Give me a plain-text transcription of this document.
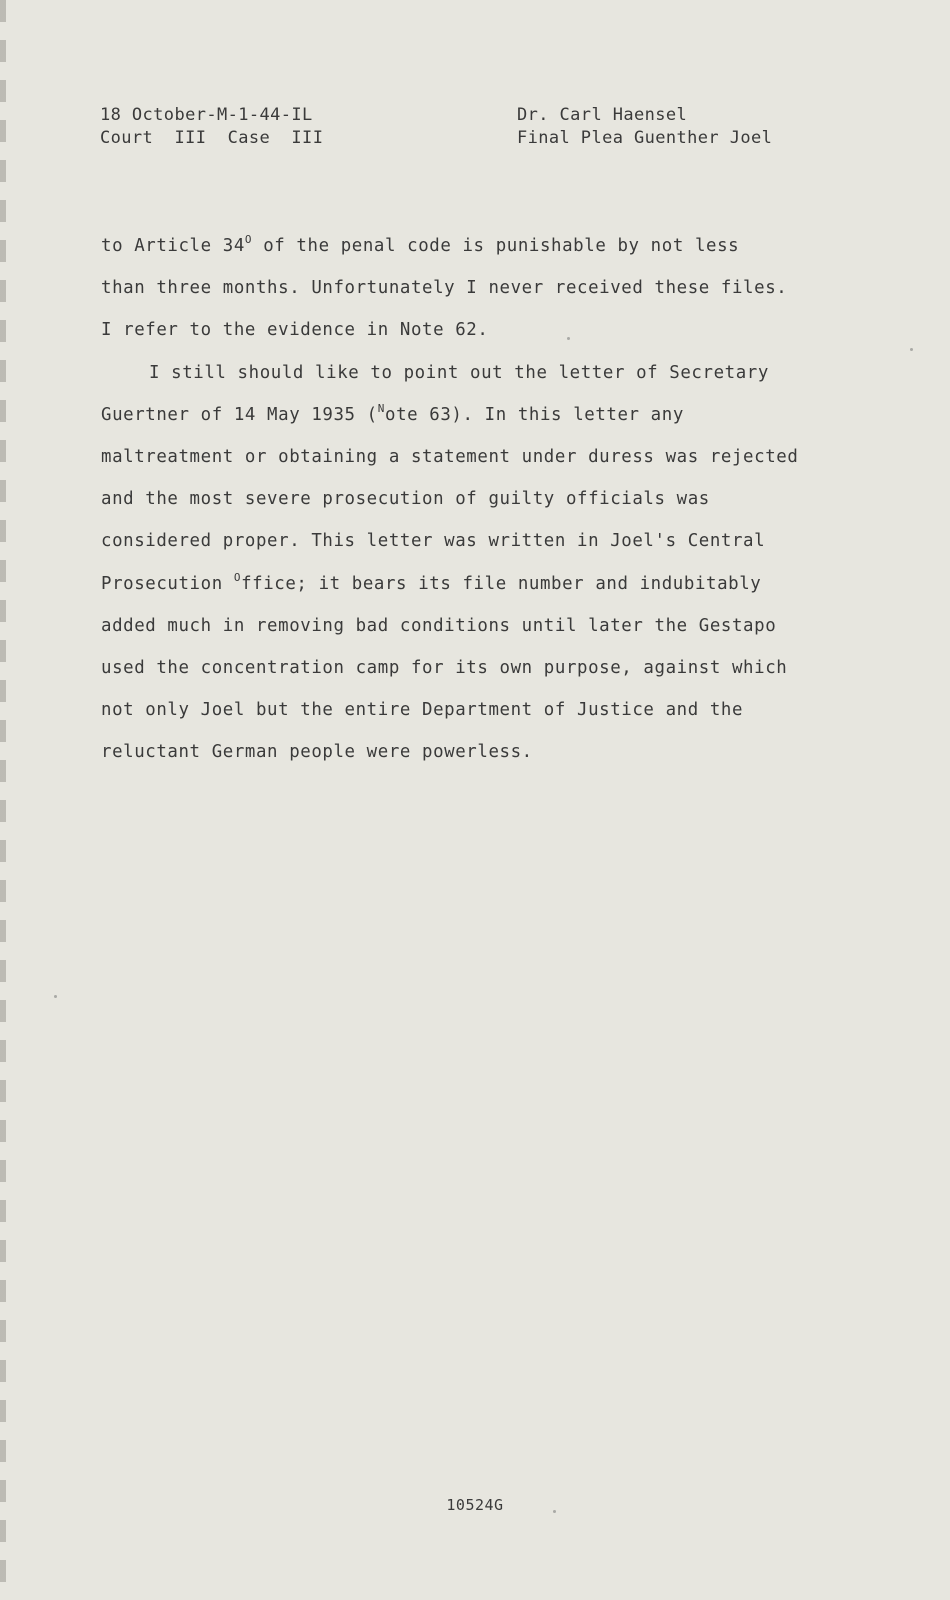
18 October-M-1-44-IL
Court  III  Case  III
Dr. Carl Haensel
Final Plea Guenther Joel
to Article $34^O$ of the penal code is punishable by not less
than three months. Unfortunately I never received these files.
I refer to the evidence in Note 62.
I still should like to point out the letter of Secretary
Guertner of 14 May 1935 ($^N$ote 63). In this letter any
maltreatment or obtaining a statement under duress was rejected
and the most severe prosecution of guilty officials was
considered proper. This letter was written in Joel's Central
Prosecution $^O$ffice; it bears its file number and indubitably
added much in removing bad conditions until later the Gestapo
used the concentration camp for its own purpose, against which
not only Joel but the entire Department of Justice and the
reluctant German people were powerless.
10524G
